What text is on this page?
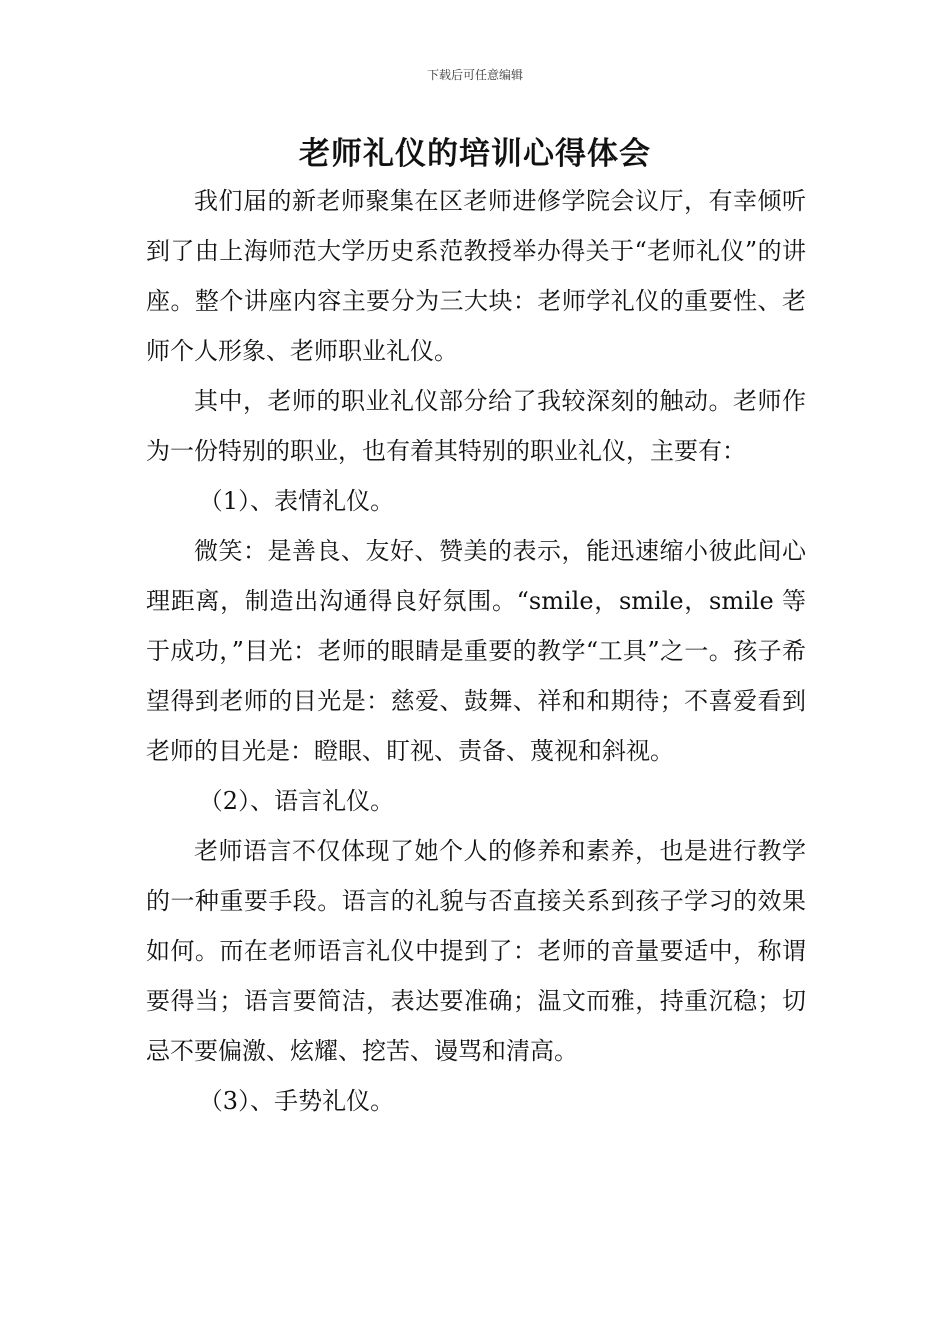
下载后可任意编辑
老师礼仪的培训心得体会

我们届的新老师聚集在区老师进修学院会议厅，有幸倾听到了由上海师范大学历史系范教授举办得关于“老师礼仪”的讲座。整个讲座内容主要分为三大块：老师学礼仪的重要性、老师个人形象、老师职业礼仪。

其中，老师的职业礼仪部分给了我较深刻的触动。老师作为一份特别的职业，也有着其特别的职业礼仪，主要有：

（1）、表情礼仪。

微笑：是善良、友好、赞美的表示，能迅速缩小彼此间心理距离，制造出沟通得良好氛围。“smile，smile，smile 等于成功，”目光：老师的眼睛是重要的教学“工具”之一。孩子希望得到老师的目光是：慈爱、鼓舞、祥和和期待；不喜爱看到老师的目光是：瞪眼、盯视、责备、蔑视和斜视。

（2）、语言礼仪。

老师语言不仅体现了她个人的修养和素养，也是进行教学的一种重要手段。语言的礼貌与否直接关系到孩子学习的效果如何。而在老师语言礼仪中提到了：老师的音量要适中，称谓要得当；语言要简洁，表达要准确；温文而雅，持重沉稳；切忌不要偏激、炫耀、挖苦、谩骂和清高。

（3）、手势礼仪。
